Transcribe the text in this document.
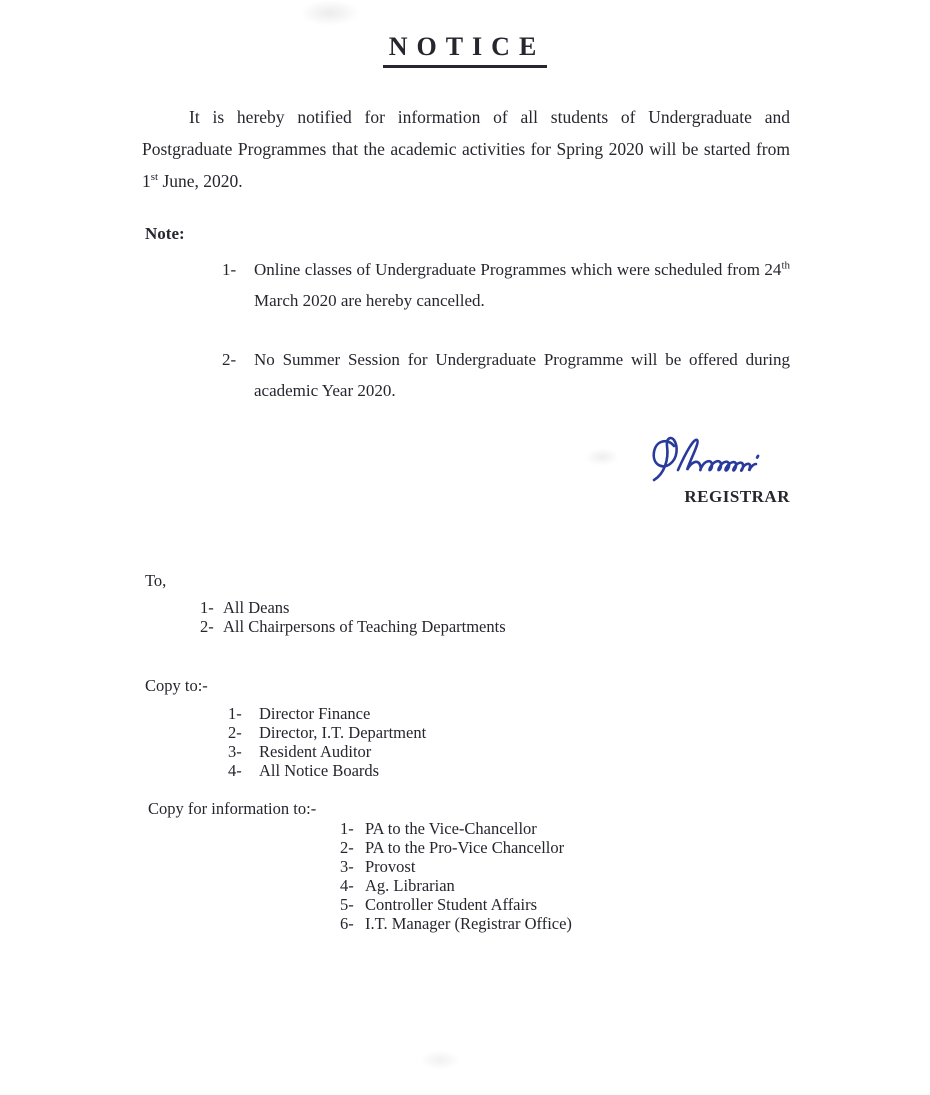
NOTICE

It is hereby notified for information of all students of Undergraduate and Postgraduate Programmes that the academic activities for Spring 2020 will be started from 1st June, 2020.

Note:
1-	Online classes of Undergraduate Programmes which were scheduled from 24th March 2020 are hereby cancelled.
2-	No Summer Session for Undergraduate Programme will be offered during academic Year 2020.
REGISTRAR
To,
1- All Deans
2- All Chairpersons of Teaching Departments
Copy to:-
1-	Director Finance
2-	Director, I.T. Department
3-	Resident Auditor
4-	All Notice Boards
Copy for information to:-
1- PA to the Vice-Chancellor
2- PA to the Pro-Vice Chancellor
3- Provost
4- Ag. Librarian
5- Controller Student Affairs
6- I.T. Manager (Registrar Office)
